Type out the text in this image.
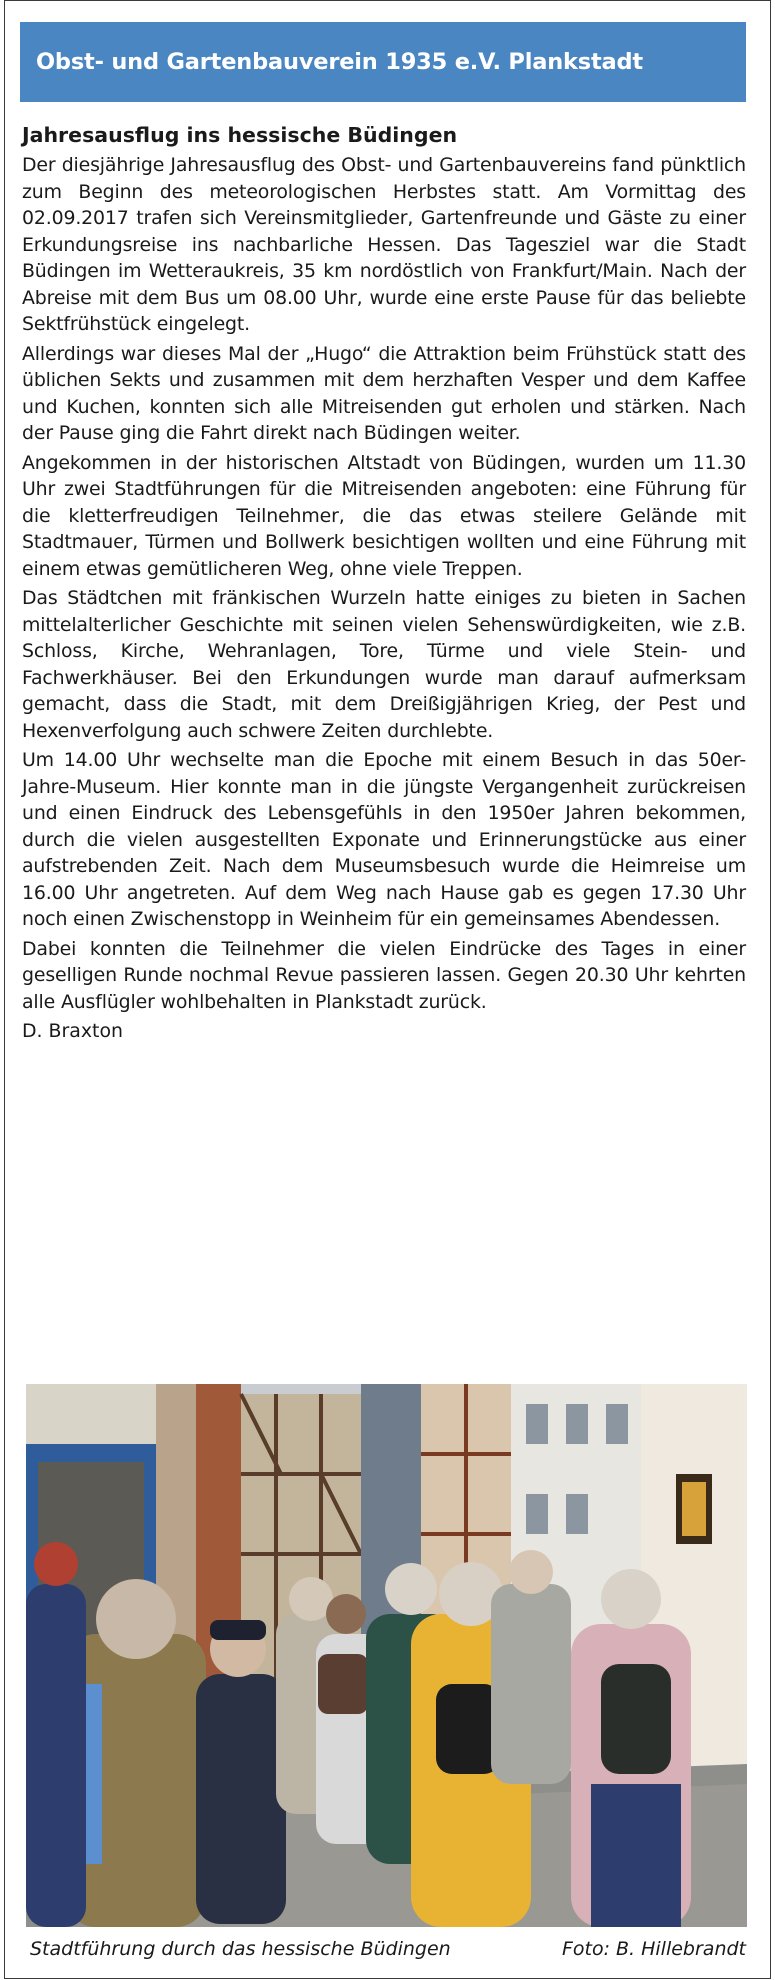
Obst- und Gartenbauverein 1935 e.V. Plankstadt
Jahresausflug ins hessische Büdingen

Der diesjährige Jahresausflug des Obst- und Gartenbauvereins fand pünktlich zum Beginn des meteorologischen Herbstes statt. Am Vormittag des 02.09.2017 trafen sich Vereinsmitglieder, Gartenfreunde und Gäste zu einer Erkundungsreise ins nachbarliche Hessen. Das Tagesziel war die Stadt Büdingen im Wetteraukreis, 35 km nordöstlich von Frankfurt/Main. Nach der Abreise mit dem Bus um 08.00 Uhr, wurde eine erste Pause für das beliebte Sektfrühstück eingelegt.

Allerdings war dieses Mal der „Hugo“ die Attraktion beim Frühstück statt des üblichen Sekts und zusammen mit dem herzhaften Vesper und dem Kaffee und Kuchen, konnten sich alle Mitreisenden gut erholen und stärken. Nach der Pause ging die Fahrt direkt nach Büdingen weiter.

Angekommen in der historischen Altstadt von Büdingen, wurden um 11.30 Uhr zwei Stadtführungen für die Mitreisenden angeboten: eine Führung für die kletterfreudigen Teilnehmer, die das etwas steilere Gelände mit Stadtmauer, Türmen und Bollwerk besichtigen wollten und eine Führung mit einem etwas gemütlicheren Weg, ohne viele Treppen.

Das Städtchen mit fränkischen Wurzeln hatte einiges zu bieten in Sachen mittelalterlicher Geschichte mit seinen vielen Sehenswürdigkeiten, wie z.B. Schloss, Kirche, Wehranlagen, Tore, Türme und viele Stein- und Fachwerkhäuser. Bei den Erkundungen wurde man darauf aufmerksam gemacht, dass die Stadt, mit dem Dreißigjährigen Krieg, der Pest und Hexenverfolgung auch schwere Zeiten durchlebte.

Um 14.00 Uhr wechselte man die Epoche mit einem Besuch in das 50er-Jahre-Museum. Hier konnte man in die jüngste Vergangenheit zurückreisen und einen Eindruck des Lebensgefühls in den 1950er Jahren bekommen, durch die vielen ausgestellten Exponate und Erinnerungstücke aus einer aufstrebenden Zeit. Nach dem Museumsbesuch wurde die Heimreise um 16.00 Uhr angetreten. Auf dem Weg nach Hause gab es gegen 17.30 Uhr noch einen Zwischenstopp in Weinheim für ein gemeinsames Abendessen.

Dabei konnten die Teilnehmer die vielen Eindrücke des Tages in einer geselligen Runde nochmal Revue passieren lassen. Gegen 20.30 Uhr kehrten alle Ausflügler wohlbehalten in Plankstadt zurück.

D. Braxton

Stadtführung durch das hessische Büdingen	Foto: B. Hillebrandt
